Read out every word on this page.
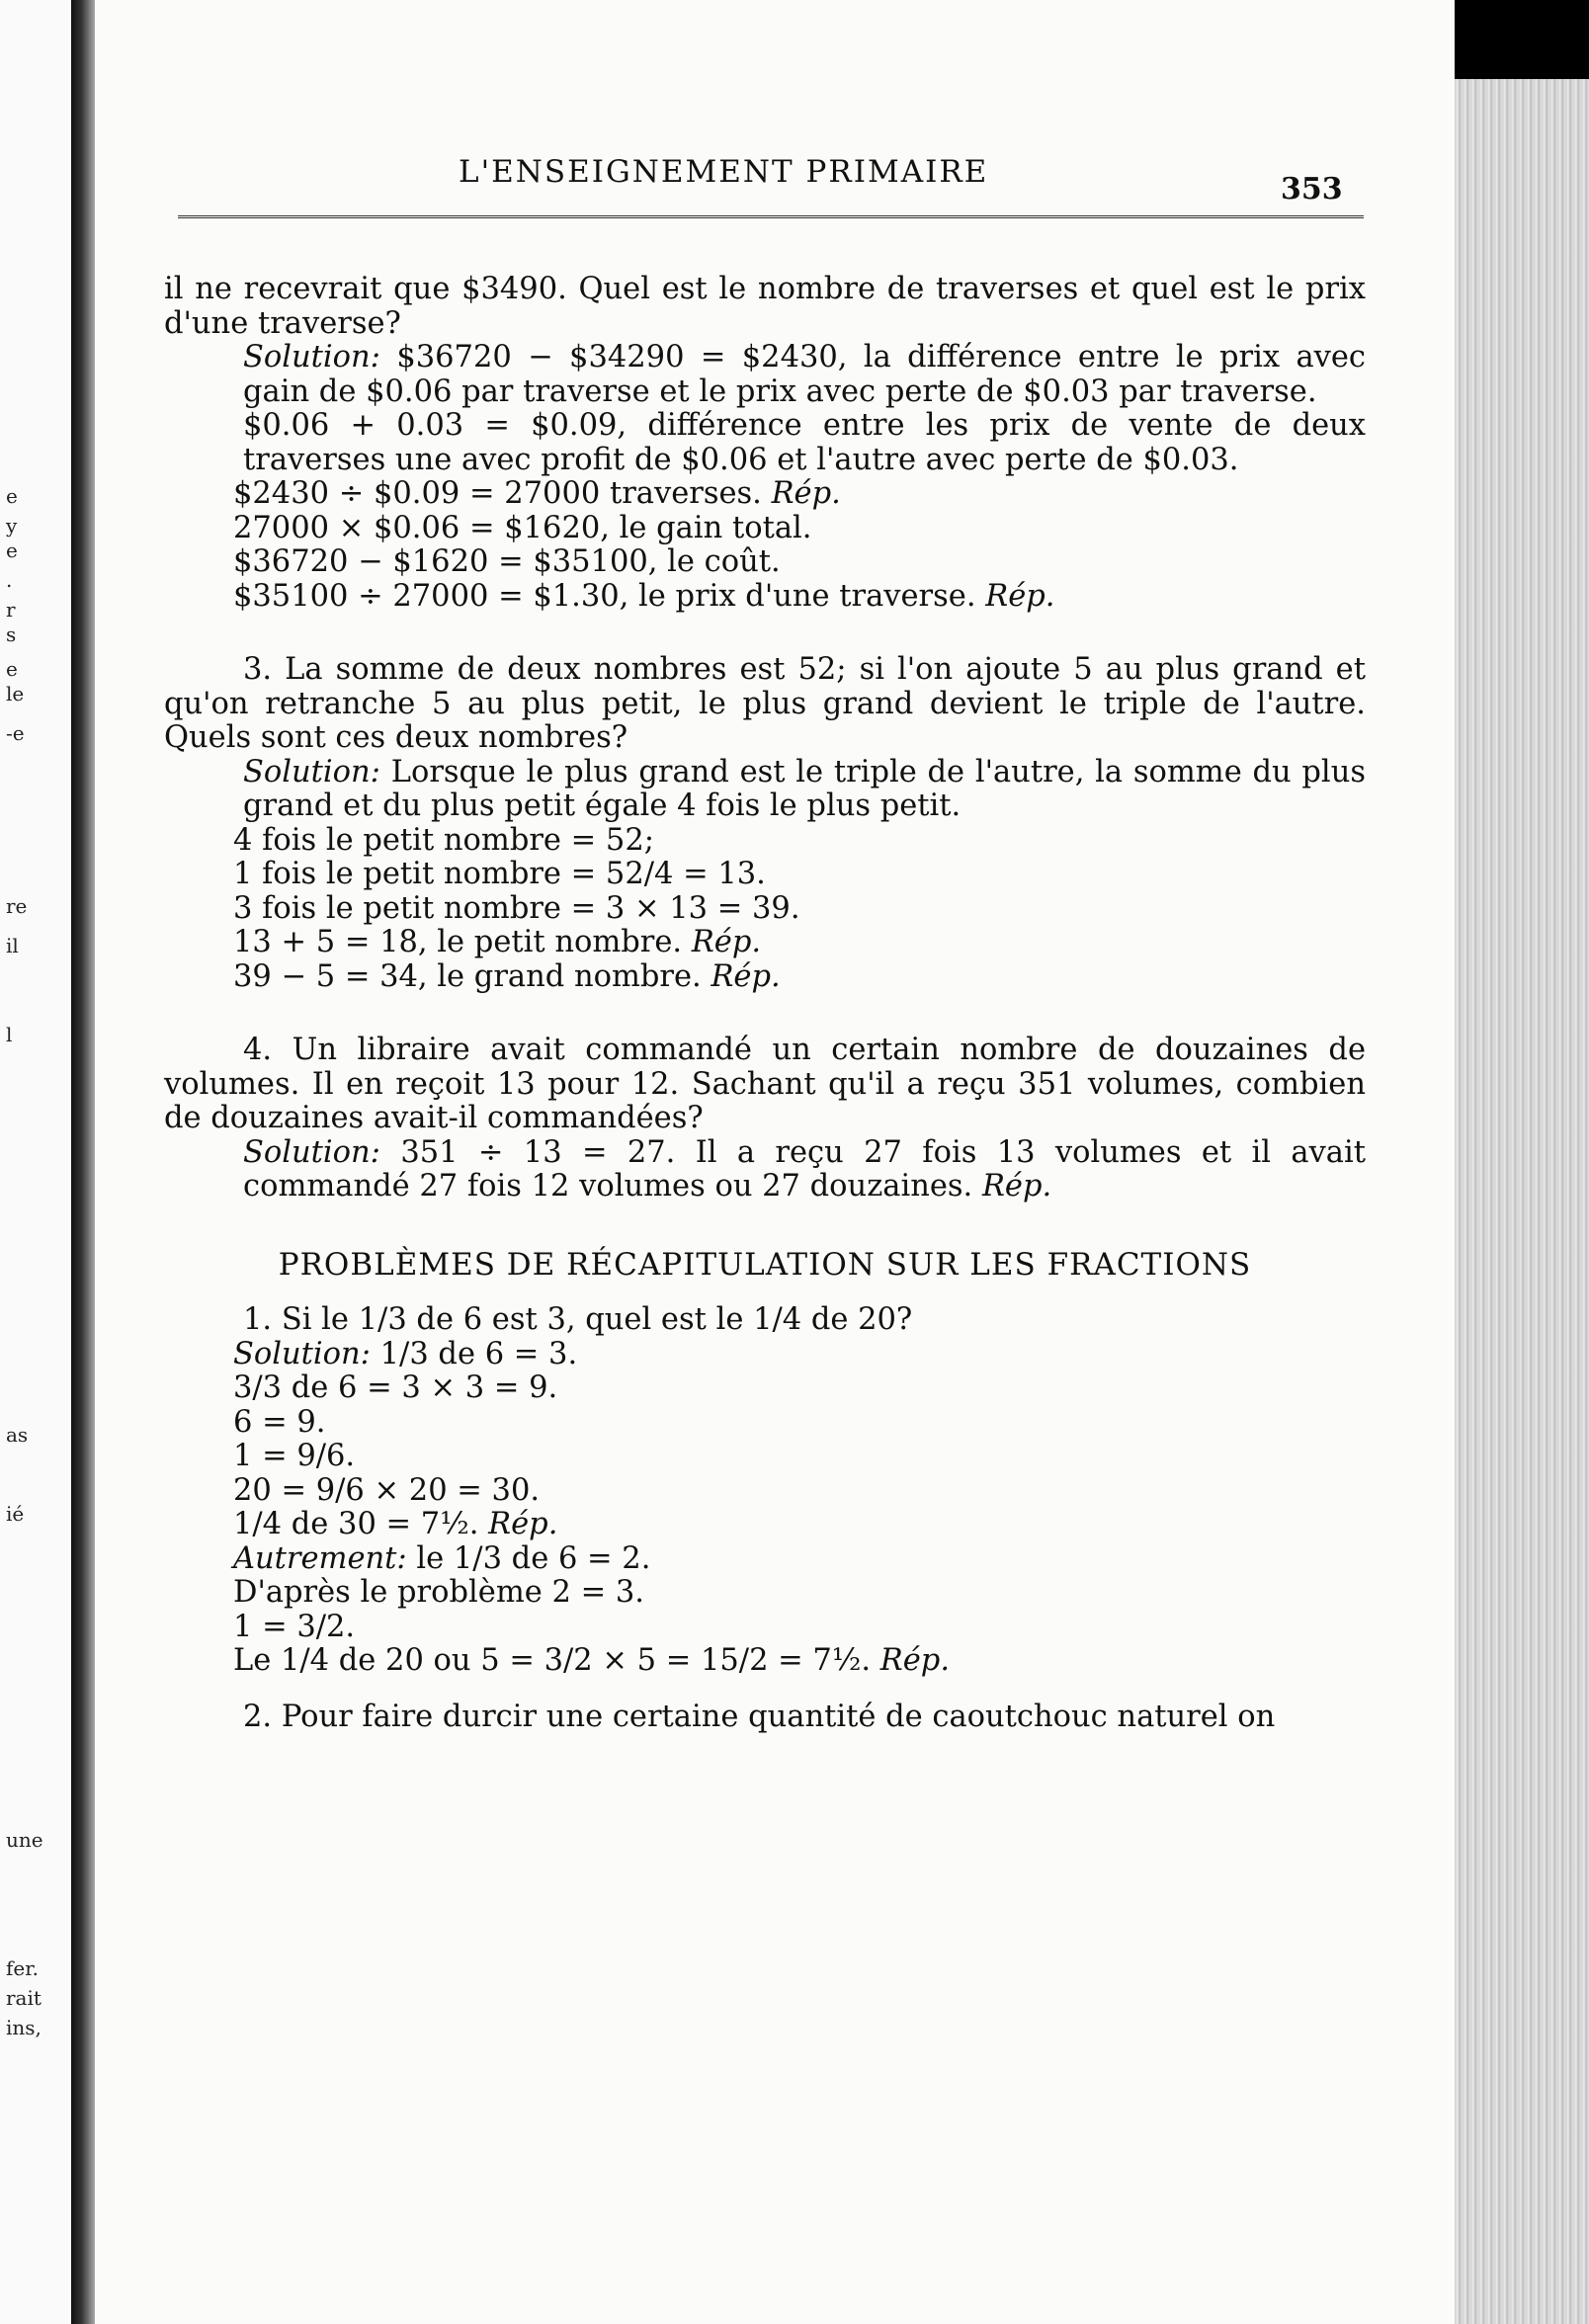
e
y
e
.
r
s
e
le
-e
re
il
l
as
ié
une
fer.
rait
ins,
L'ENSEIGNEMENT PRIMAIRE	353

il ne recevrait que $3490. Quel est le nombre de traverses et quel est le prix d'une traverse?

Solution: $36720 − $34290 = $2430, la différence entre le prix avec gain de $0.06 par traverse et le prix avec perte de $0.03 par traverse.

$0.06 + 0.03 = $0.09, différence entre les prix de vente de deux traverses une avec profit de $0.06 et l'autre avec perte de $0.03.

$2430 ÷ $0.09 = 27000 traverses. Rép.

27000 × $0.06 = $1620, le gain total.

$36720 − $1620 = $35100, le coût.

$35100 ÷ 27000 = $1.30, le prix d'une traverse. Rép.

3. La somme de deux nombres est 52; si l'on ajoute 5 au plus grand et qu'on retranche 5 au plus petit, le plus grand devient le triple de l'autre. Quels sont ces deux nombres?

Solution: Lorsque le plus grand est le triple de l'autre, la somme du plus grand et du plus petit égale 4 fois le plus petit.

4 fois le petit nombre = 52;

1 fois le petit nombre = 52/4 = 13.

3 fois le petit nombre = 3 × 13 = 39.

13 + 5 = 18, le petit nombre. Rép.

39 − 5 = 34, le grand nombre. Rép.

4. Un libraire avait commandé un certain nombre de douzaines de volumes. Il en reçoit 13 pour 12. Sachant qu'il a reçu 351 volumes, combien de douzaines avait-il commandées?

Solution: 351 ÷ 13 = 27. Il a reçu 27 fois 13 volumes et il avait commandé 27 fois 12 volumes ou 27 douzaines. Rép.

PROBLÈMES DE RÉCAPITULATION SUR LES FRACTIONS

1. Si le 1/3 de 6 est 3, quel est le 1/4 de 20?

Solution: 1/3 de 6 = 3.

3/3 de 6 = 3 × 3 = 9.

6 = 9.

1 = 9/6.

20 = 9/6 × 20 = 30.

1/4 de 30 = 7½. Rép.

Autrement: le 1/3 de 6 = 2.

D'après le problème 2 = 3.

1 = 3/2.

Le 1/4 de 20 ou 5 = 3/2 × 5 = 15/2 = 7½. Rép.

2. Pour faire durcir une certaine quantité de caoutchouc naturel on
